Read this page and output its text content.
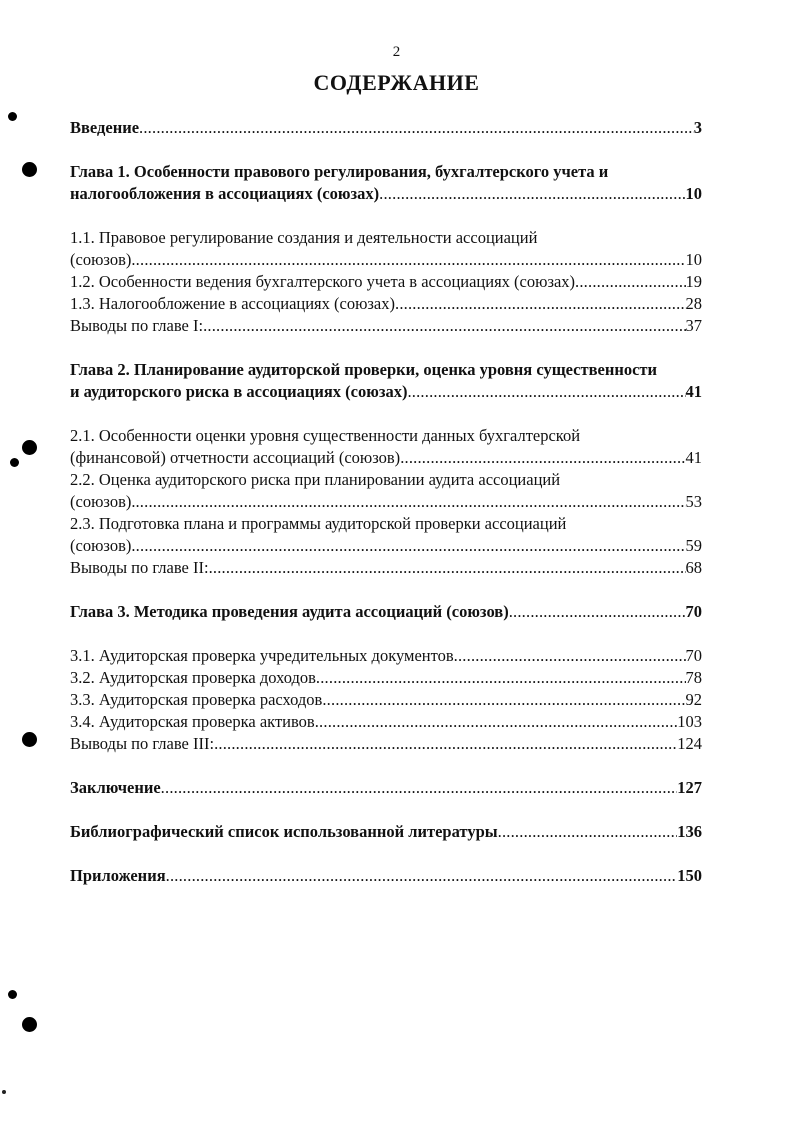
2
СОДЕРЖАНИЕ
Введение .....	3
Глава 1. Особенности правового регулирования, бухгалтерского учета и
налогообложения в ассоциациях (союзах) .....	10
1.1. Правовое регулирование создания и деятельности ассоциаций
(союзов) .....	10
1.2. Особенности ведения бухгалтерского учета в ассоциациях (союзах) .....	19
1.3. Налогообложение в ассоциациях (союзах) .....	28
Выводы по главе I: .....	37
Глава 2. Планирование аудиторской проверки, оценка уровня существенности
и аудиторского риска в ассоциациях (союзах) .....	41
2.1. Особенности оценки уровня существенности данных бухгалтерской
(финансовой) отчетности ассоциаций (союзов) .....	41
2.2. Оценка аудиторского риска при планировании аудита ассоциаций
(союзов). .....	53
2.3. Подготовка плана и программы аудиторской проверки ассоциаций
(союзов) .....	59
Выводы по главе II: .....	68
Глава 3. Методика проведения аудита ассоциаций (союзов) .....	70
3.1. Аудиторская проверка учредительных документов .....	70
3.2. Аудиторская проверка доходов .....	78
3.3. Аудиторская проверка расходов .....	92
3.4. Аудиторская проверка активов .....	103
Выводы по главе III: .....	124
Заключение .....	127
Библиографический список использованной литературы .....	136
Приложения .....	150
